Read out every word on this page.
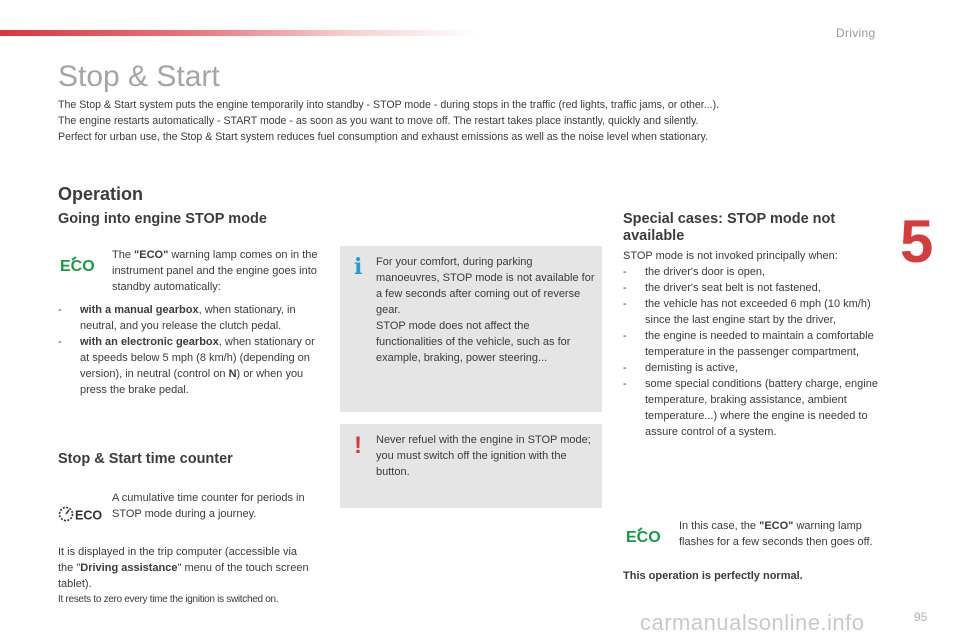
Driving
5
Stop & Start

The Stop & Start system puts the engine temporarily into standby - STOP mode - during stops in the traffic (red lights, traffic jams, or other...).

The engine restarts automatically - START mode - as soon as you want to move off. The restart takes place instantly, quickly and silently.

Perfect for urban use, the Stop & Start system reduces fuel consumption and exhaust emissions as well as the noise level when stationary.

Operation
Going into engine STOP mode
ECO

The "ECO" warning lamp comes on in the instrument panel and the engine goes into standby automatically:

- with a manual gearbox, when stationary, in neutral, and you release the clutch pedal.
- with an electronic gearbox, when stationary or at speeds below 5 mph (8 km/h) (depending on version), in neutral (control on N) or when you press the brake pedal.
i For your comfort, during parking manoeuvres, STOP mode is not available for a few seconds after coming out of reverse gear.

STOP mode does not affect the functionalities of the vehicle, such as for example, braking, power steering...

! Never refuel with the engine in STOP mode; you must switch off the ignition with the button.

Stop & Start time counter
ECO
A cumulative time counter for periods in STOP mode during a journey.

It is displayed in the trip computer (accessible via the "Driving assistance" menu of the touch screen tablet).

It resets to zero every time the ignition is switched on.
Special cases: STOP mode not available
STOP mode is not invoked principally when:
- the driver's door is open,
- the driver's seat belt is not fastened,
- the vehicle has not exceeded 6 mph (10 km/h) since the last engine start by the driver,
- the engine is needed to maintain a comfortable temperature in the passenger compartment,
- demisting is active,
- some special conditions (battery charge, engine temperature, braking assistance, ambient temperature...) where the engine is needed to assure control of a system.
ECO

In this case, the "ECO" warning lamp flashes for a few seconds then goes off.

This operation is perfectly normal.
carmanualsonline.info	95
